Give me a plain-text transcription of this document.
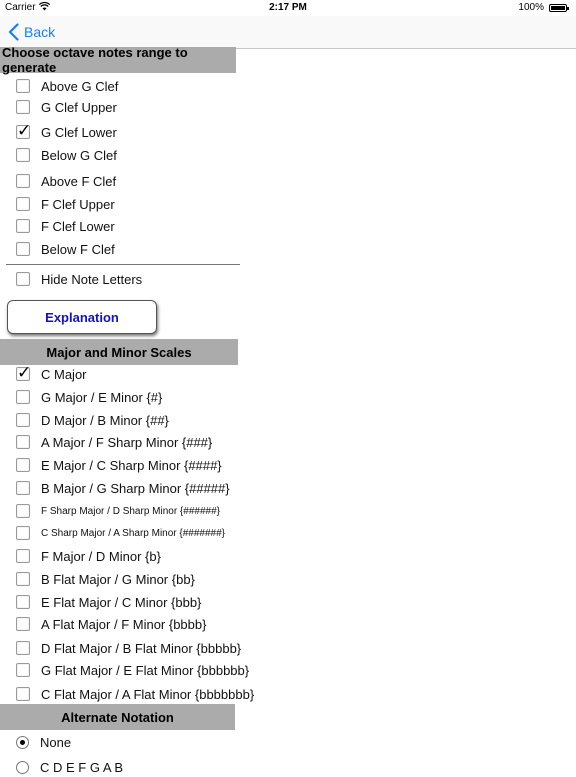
Carrier	2:17 PM	100%
Back
Choose octave notes range to generate
Above G Clef
G Clef Upper
✓ G Clef Lower
Below G Clef
Above F Clef
F Clef Upper
F Clef Lower
Below F Clef
Hide Note Letters
Explanation
Major and Minor Scales
✓ C Major
G Major / E Minor {#}
D Major / B Minor {##}
A Major / F Sharp Minor {###}
E Major / C Sharp Minor {####}
B Major / G Sharp Minor {#####}
F Sharp Major / D Sharp Minor {######}
C Sharp Major / A Sharp Minor {#######}
F Major / D Minor {b}
B Flat Major / G Minor {bb}
E Flat Major / C Minor {bbb}
A Flat Major / F Minor {bbbb}
D Flat Major / B Flat Minor {bbbbb}
G Flat Major / E Flat Minor {bbbbbb}
C Flat Major / A Flat Minor {bbbbbbb}
Alternate Notation
None
C D E F G A B
